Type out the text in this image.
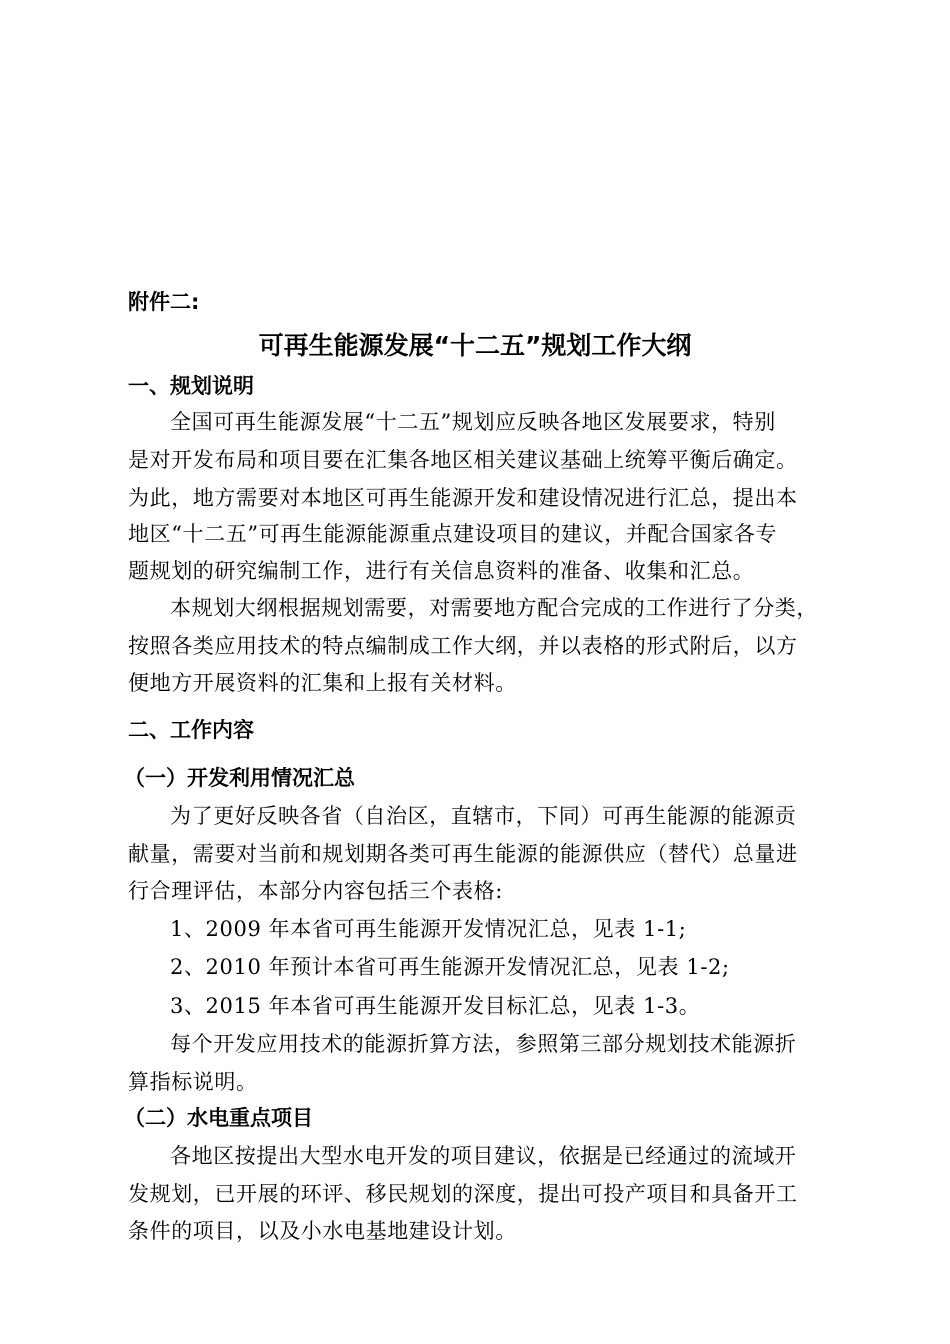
附件二:
可再生能源发展“十二五”规划工作大纲
一、规划说明
全国可再生能源发展“十二五”规划应反映各地区发展要求，特别
是对开发布局和项目要在汇集各地区相关建议基础上统筹平衡后确定。
为此，地方需要对本地区可再生能源开发和建设情况进行汇总，提出本
地区“十二五”可再生能源能源重点建设项目的建议，并配合国家各专
题规划的研究编制工作，进行有关信息资料的准备、收集和汇总。
本规划大纲根据规划需要，对需要地方配合完成的工作进行了分类，
按照各类应用技术的特点编制成工作大纲，并以表格的形式附后，以方
便地方开展资料的汇集和上报有关材料。
二、工作内容
（一）开发利用情况汇总
为了更好反映各省（自治区，直辖市，下同）可再生能源的能源贡
献量，需要对当前和规划期各类可再生能源的能源供应（替代）总量进
行合理评估，本部分内容包括三个表格:
1、2009 年本省可再生能源开发情况汇总，见表 1-1;
2、2010 年预计本省可再生能源开发情况汇总，见表 1-2;
3、2015 年本省可再生能源开发目标汇总，见表 1-3。
每个开发应用技术的能源折算方法，参照第三部分规划技术能源折
算指标说明。
（二）水电重点项目
各地区按提出大型水电开发的项目建议，依据是已经通过的流域开
发规划，已开展的环评、移民规划的深度，提出可投产项目和具备开工
条件的项目，以及小水电基地建设计划。
